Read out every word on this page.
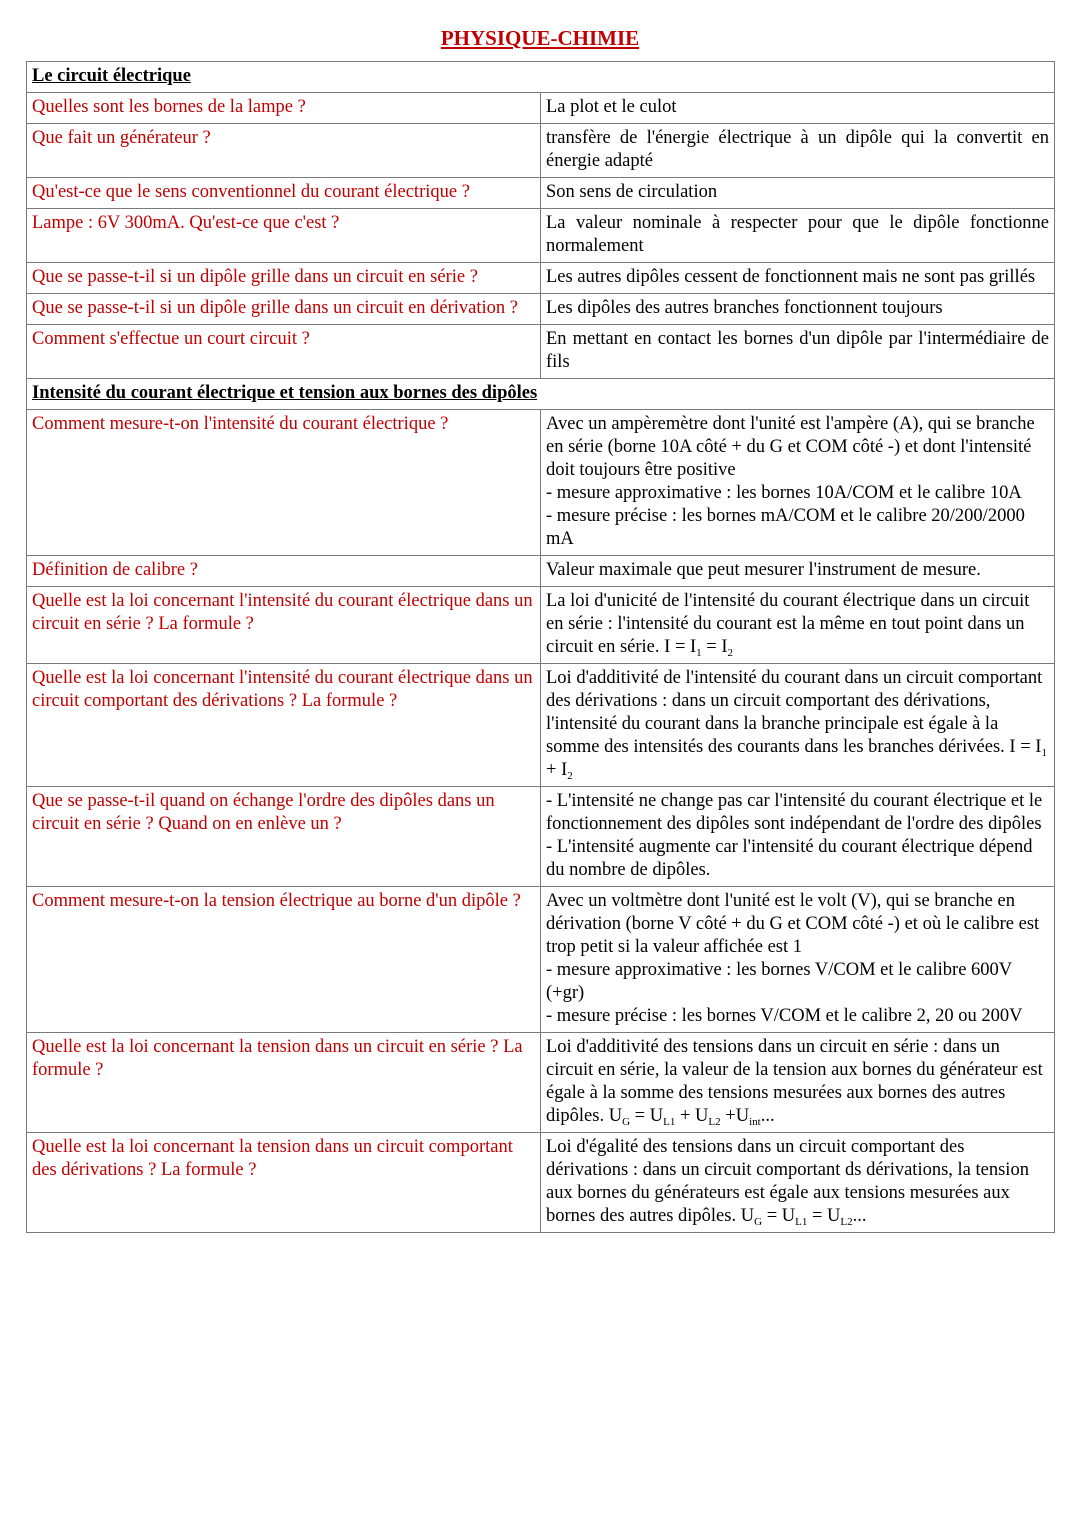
PHYSIQUE-CHIMIE
Le circuit électrique	
Quelles sont les bornes de la lampe ?	La plot et le culot
Que fait un générateur ?	transfère de l'énergie électrique à un dipôle qui la convertit en énergie adapté
Qu'est-ce que le sens conventionnel du courant électrique ?	Son sens de circulation
Lampe : 6V 300mA. Qu'est-ce que c'est ?	La valeur nominale à respecter pour que le dipôle fonctionne normalement
Que se passe-t-il si un dipôle grille dans un circuit en série ?	Les autres dipôles cessent de fonctionnent mais ne sont pas grillés
Que se passe-t-il si un dipôle grille dans un circuit en dérivation ?	Les dipôles des autres branches fonctionnent toujours
Comment s'effectue un court circuit ?	En mettant en contact les bornes d'un dipôle par l'intermédiaire de fils
Intensité du courant électrique et tension aux bornes des dipôles	
Comment mesure-t-on l'intensité du courant électrique ?	Avec un ampèremètre dont l'unité est l'ampère (A), qui se branche en série (borne 10A côté + du G et COM côté -) et dont l'intensité doit toujours être positive
- mesure approximative : les bornes 10A/COM et le calibre 10A
- mesure précise : les bornes mA/COM et le calibre 20/200/2000 mA

Définition de calibre ?	Valeur maximale que peut mesurer l'instrument de mesure.
Quelle est la loi concernant l'intensité du courant électrique dans un circuit en série ? La formule ?	La loi d'unicité de l'intensité du courant électrique dans un circuit en série : l'intensité du courant est la même en tout point dans un circuit en série. $I = I_1 = I_2$
Quelle est la loi concernant l'intensité du courant électrique dans un circuit comportant des dérivations ? La formule ?	Loi d'additivité de l'intensité du courant dans un circuit comportant des dérivations : dans un circuit comportant des dérivations, l'intensité du courant dans la branche principale est égale à la somme des intensités des courants dans les branches dérivées. $I = I_1 + I_2$
Que se passe-t-il quand on échange l'ordre des dipôles dans un circuit en série ? Quand on en enlève un ?	- L'intensité ne change pas car l'intensité du courant électrique et le fonctionnement des dipôles sont indépendant de l'ordre des dipôles
- L'intensité augmente car l'intensité du courant électrique dépend du nombre de dipôles.

Comment mesure-t-on la tension électrique au borne d'un dipôle ?	Avec un voltmètre dont l'unité est le volt (V), qui se branche en dérivation (borne V côté + du G et COM côté -) et où le calibre est trop petit si la valeur affichée est 1
- mesure approximative : les bornes V/COM et le calibre 600V (+gr)
- mesure précise : les bornes V/COM et le calibre 2, 20 ou 200V

Quelle est la loi concernant la tension dans un circuit en série ? La formule ?	Loi d'additivité des tensions dans un circuit en série : dans un circuit en série, la valeur de la tension aux bornes du générateur est égale à la somme des tensions mesurées aux bornes des autres dipôles. $U_G = U_{L1} + U_{L2} +U_{int}$...
Quelle est la loi concernant la tension dans un circuit comportant des dérivations ? La formule ?	Loi d'égalité des tensions dans un circuit comportant des dérivations : dans un circuit comportant ds dérivations, la tension aux bornes du générateurs est égale aux tensions mesurées aux bornes des autres dipôles. $U_G = U_{L1} = U_{L2}$...
